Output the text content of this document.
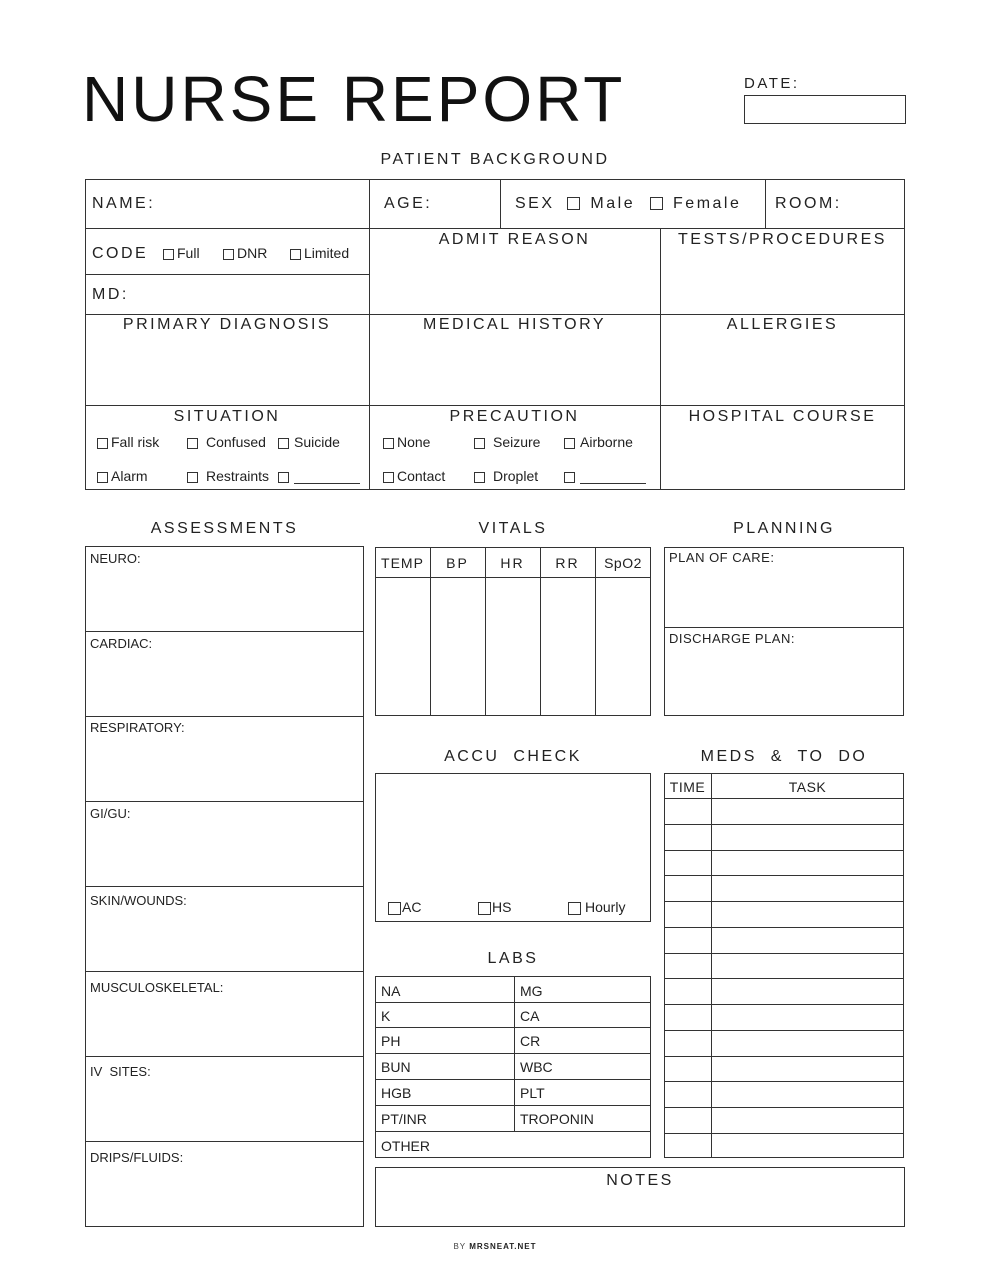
NURSE REPORT	DATE:
PATIENT BACKGROUND
NAME:	AGE:	SEX Male Female ROOM:
CODE	Full	DNR	Limited
MD:
ADMIT REASON	TESTS/PROCEDURES
PRIMARY DIAGNOSIS	MEDICAL HISTORY	ALLERGIES
SITUATION
Fall risk	Confused	Suicide
Alarm	Restraints
PRECAUTION
None	Seizure	Airborne
Contact	Droplet
HOSPITAL COURSE
ASSESSMENTS
NEURO:
CARDIAC:
RESPIRATORY:
GI/GU:
SKIN/WOUNDS:
MUSCULOSKELETAL:
IV  SITES:
DRIPS/FLUIDS:
VITALS
TEMP	BP	HR	RR	SpO2
PLANNING
PLAN OF CARE:
DISCHARGE PLAN:
ACCU  CHECK
AC	HS	Hourly
LABS
NA	MG
K	CA
PH	CR
BUN	WBC
HGB	PLT
PT/INR	TROPONIN
OTHER
MEDS  &  TO  DO
TIME	TASK
NOTES
BY MRSNEAT.NET
